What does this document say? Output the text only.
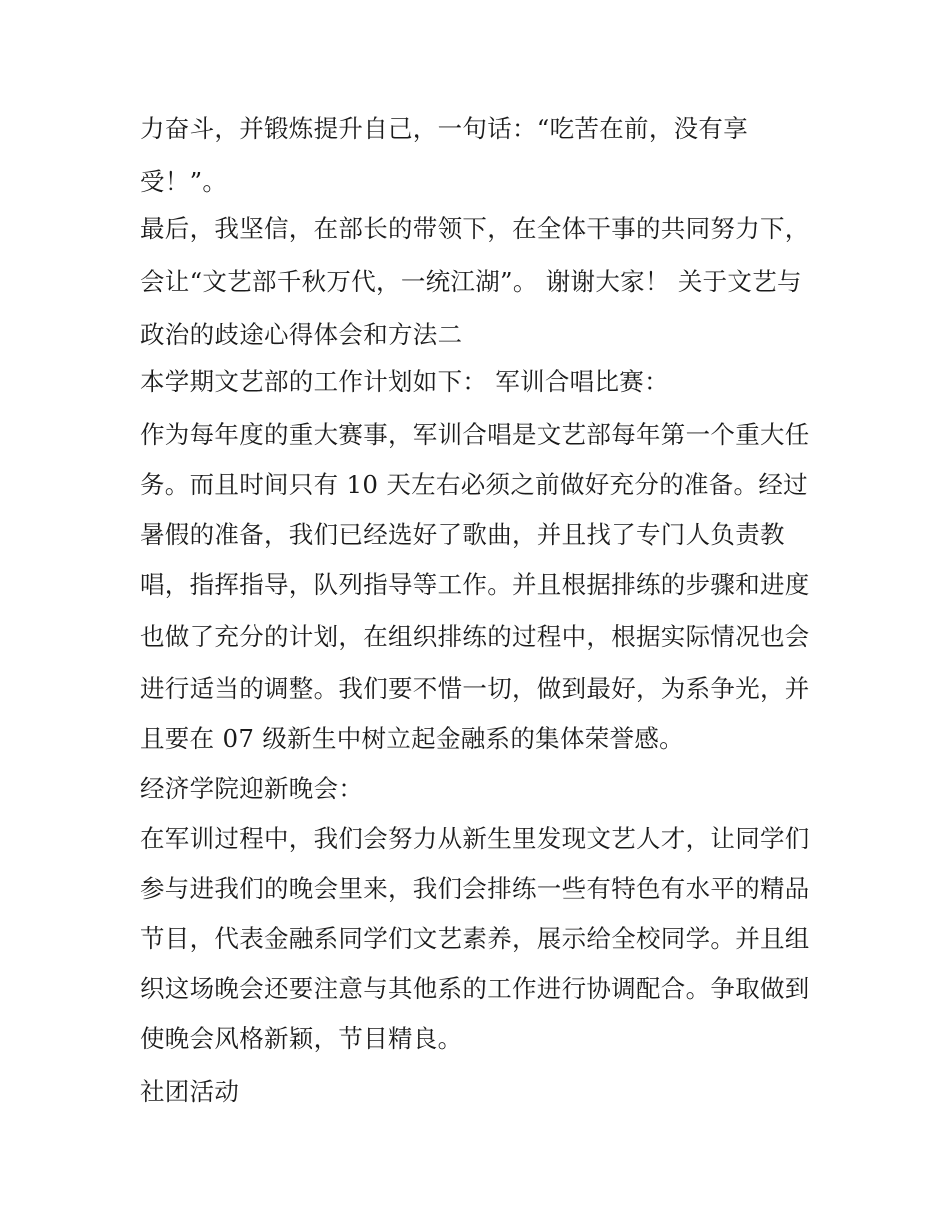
力奋斗，并锻炼提升自己，一句话：“吃苦在前，没有享
受！”。
最后，我坚信，在部长的带领下，在全体干事的共同努力下，
会让“文艺部千秋万代，一统江湖”。 谢谢大家！ 关于文艺与
政治的歧途心得体会和方法二
本学期文艺部的工作计划如下： 军训合唱比赛：
作为每年度的重大赛事，军训合唱是文艺部每年第一个重大任
务。而且时间只有 10 天左右必须之前做好充分的准备。经过
暑假的准备，我们已经选好了歌曲，并且找了专门人负责教
唱，指挥指导，队列指导等工作。并且根据排练的步骤和进度
也做了充分的计划，在组织排练的过程中，根据实际情况也会
进行适当的调整。我们要不惜一切，做到最好，为系争光，并
且要在 07 级新生中树立起金融系的集体荣誉感。
经济学院迎新晚会：
在军训过程中，我们会努力从新生里发现文艺人才，让同学们
参与进我们的晚会里来，我们会排练一些有特色有水平的精品
节目，代表金融系同学们文艺素养，展示给全校同学。并且组
织这场晚会还要注意与其他系的工作进行协调配合。争取做到
使晚会风格新颖，节目精良。
社团活动
